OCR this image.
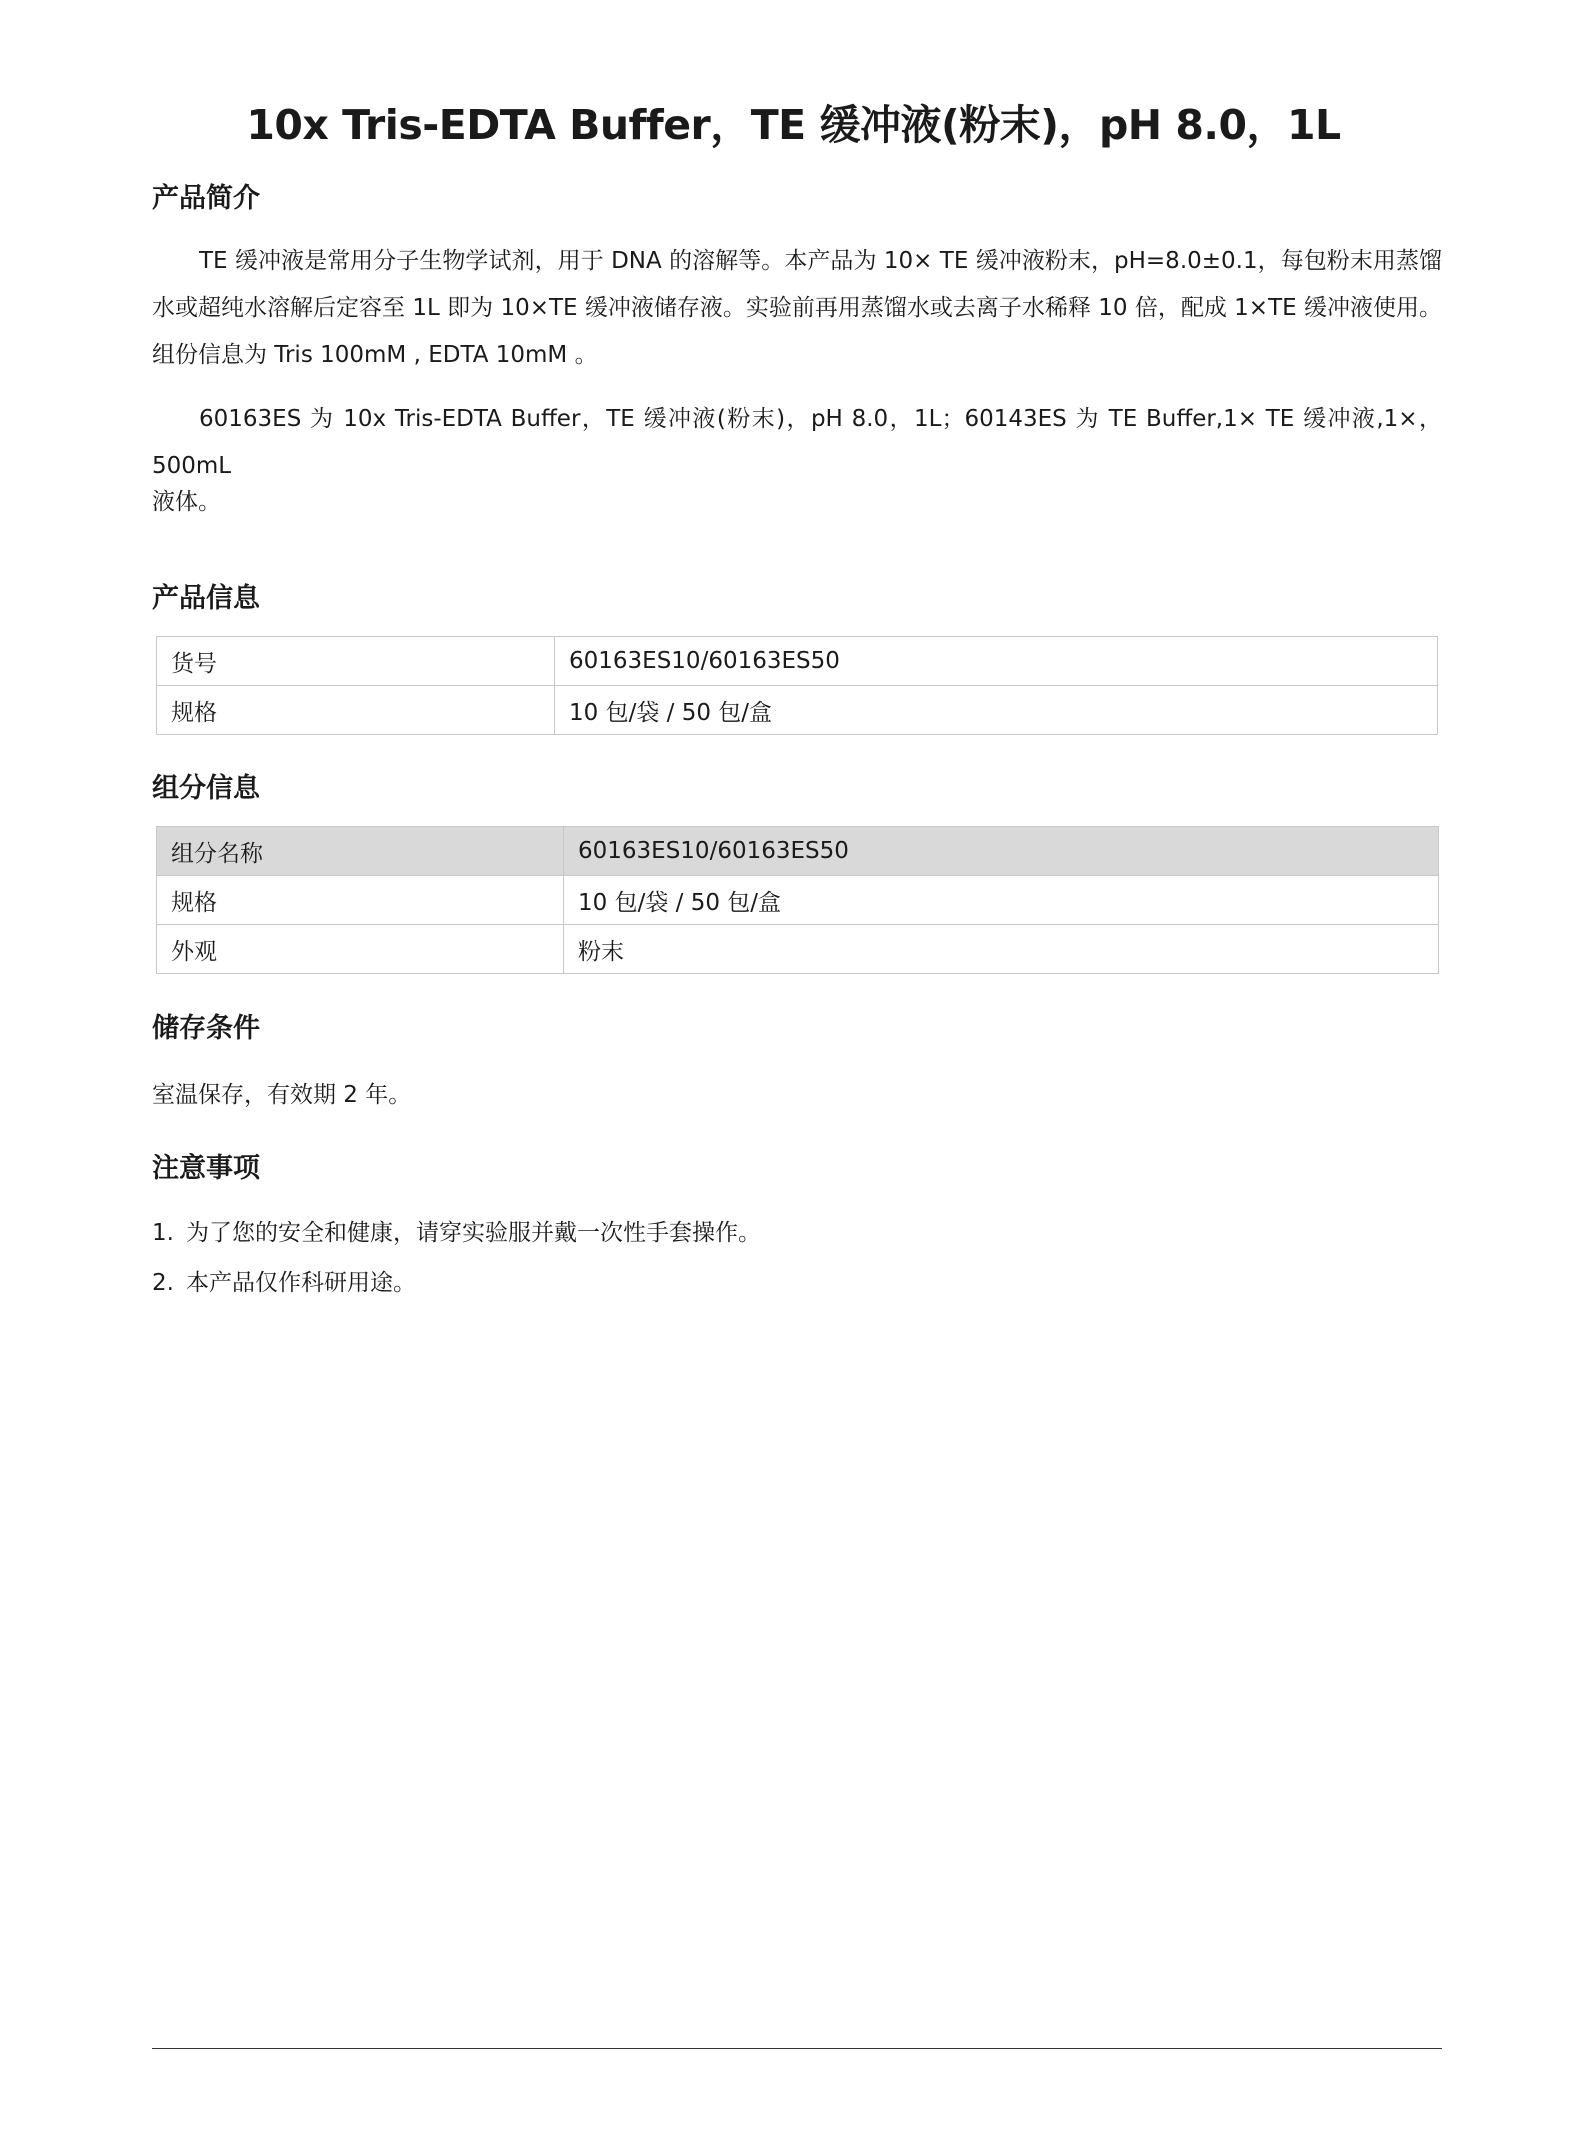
10x Tris-EDTA Buffer，TE 缓冲液(粉末)，pH 8.0，1L
产品简介

TE 缓冲液是常用分子生物学试剂，用于 DNA 的溶解等。本产品为 10× TE 缓冲液粉末，pH=8.0±0.1，每包粉末用蒸馏水或超纯水溶解后定容至 1L 即为 10×TE 缓冲液储存液。实验前再用蒸馏水或去离子水稀释 10 倍，配成 1×TE 缓冲液使用。组份信息为 Tris 100mM , EDTA 10mM 。

60163ES 为 10x Tris-EDTA Buffer，TE 缓冲液(粉末)，pH 8.0，1L；60143ES 为 TE Buffer,1× TE 缓冲液,1×，500mL

液体。

产品信息
货号	60163ES10/60163ES50
规格	10 包/袋 / 50 包/盒
组分信息
组分名称	60163ES10/60163ES50
规格	10 包/袋 / 50 包/盒
外观	粉末
储存条件

室温保存，有效期 2 年。

注意事项
1. 为了您的安全和健康，请穿实验服并戴一次性手套操作。
2. 本产品仅作科研用途。
